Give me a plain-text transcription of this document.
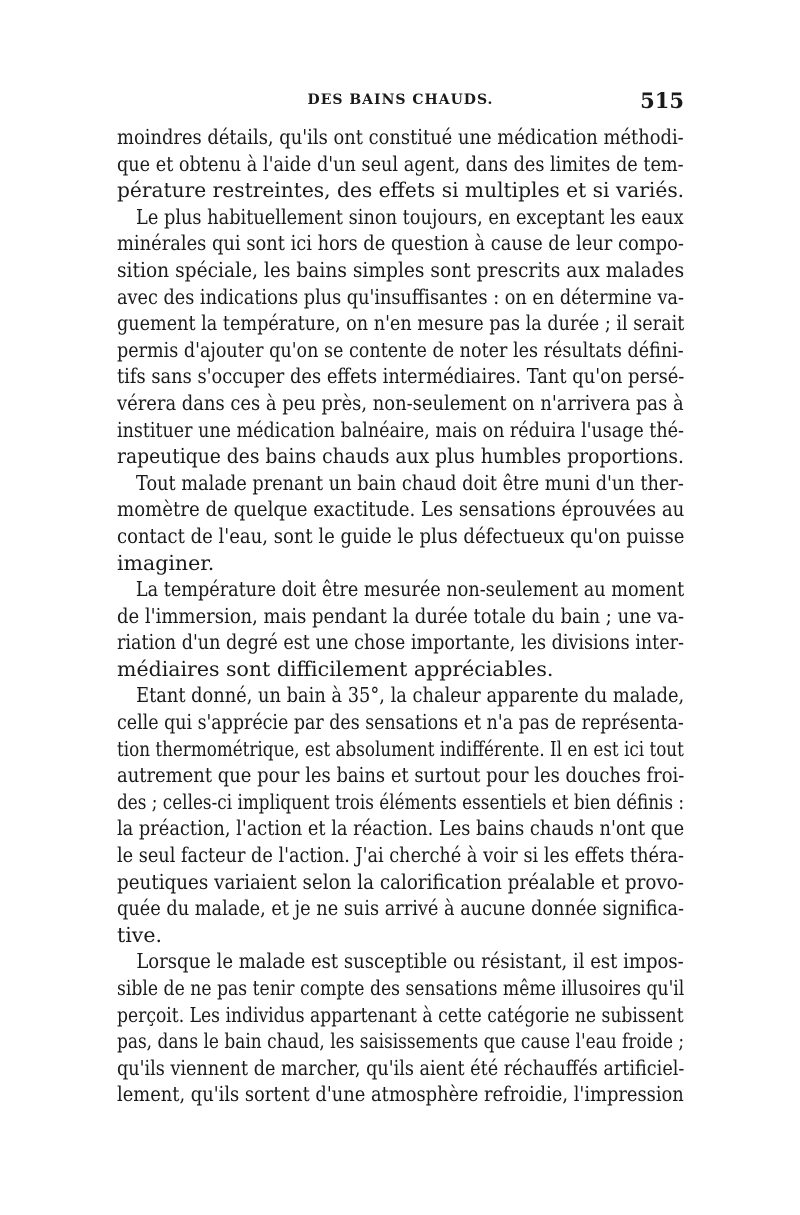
DES BAINS CHAUDS.	515

moindres détails, qu'ils ont constitué une médication méthodi-
que et obtenu à l'aide d'un seul agent, dans des limites de tem-
pérature restreintes, des effets si multiples et si variés.

Le plus habituellement sinon toujours, en exceptant les eaux
minérales qui sont ici hors de question à cause de leur compo-
sition spéciale, les bains simples sont prescrits aux malades
avec des indications plus qu'insuffisantes : on en détermine va-
guement la température, on n'en mesure pas la durée ; il serait
permis d'ajouter qu'on se contente de noter les résultats défini-
tifs sans s'occuper des effets intermédiaires. Tant qu'on persé-
vérera dans ces à peu près, non-seulement on n'arrivera pas à
instituer une médication balnéaire, mais on réduira l'usage thé-
rapeutique des bains chauds aux plus humbles proportions.

Tout malade prenant un bain chaud doit être muni d'un ther-
momètre de quelque exactitude. Les sensations éprouvées au
contact de l'eau, sont le guide le plus défectueux qu'on puisse
imaginer.

La température doit être mesurée non-seulement au moment
de l'immersion, mais pendant la durée totale du bain ; une va-
riation d'un degré est une chose importante, les divisions inter-
médiaires sont difficilement appréciables.

Etant donné, un bain à 35°, la chaleur apparente du malade,
celle qui s'apprécie par des sensations et n'a pas de représenta-
tion thermométrique, est absolument indifférente. Il en est ici tout
autrement que pour les bains et surtout pour les douches froi-
des ; celles-ci impliquent trois éléments essentiels et bien définis :
la préaction, l'action et la réaction. Les bains chauds n'ont que
le seul facteur de l'action. J'ai cherché à voir si les effets théra-
peutiques variaient selon la calorification préalable et provo-
quée du malade, et je ne suis arrivé à aucune donnée significa-
tive.

Lorsque le malade est susceptible ou résistant, il est impos-
sible de ne pas tenir compte des sensations même illusoires qu'il
perçoit. Les individus appartenant à cette catégorie ne subissent
pas, dans le bain chaud, les saisissements que cause l'eau froide ;
qu'ils viennent de marcher, qu'ils aient été réchauffés artificiel-
lement, qu'ils sortent d'une atmosphère refroidie, l'impression
